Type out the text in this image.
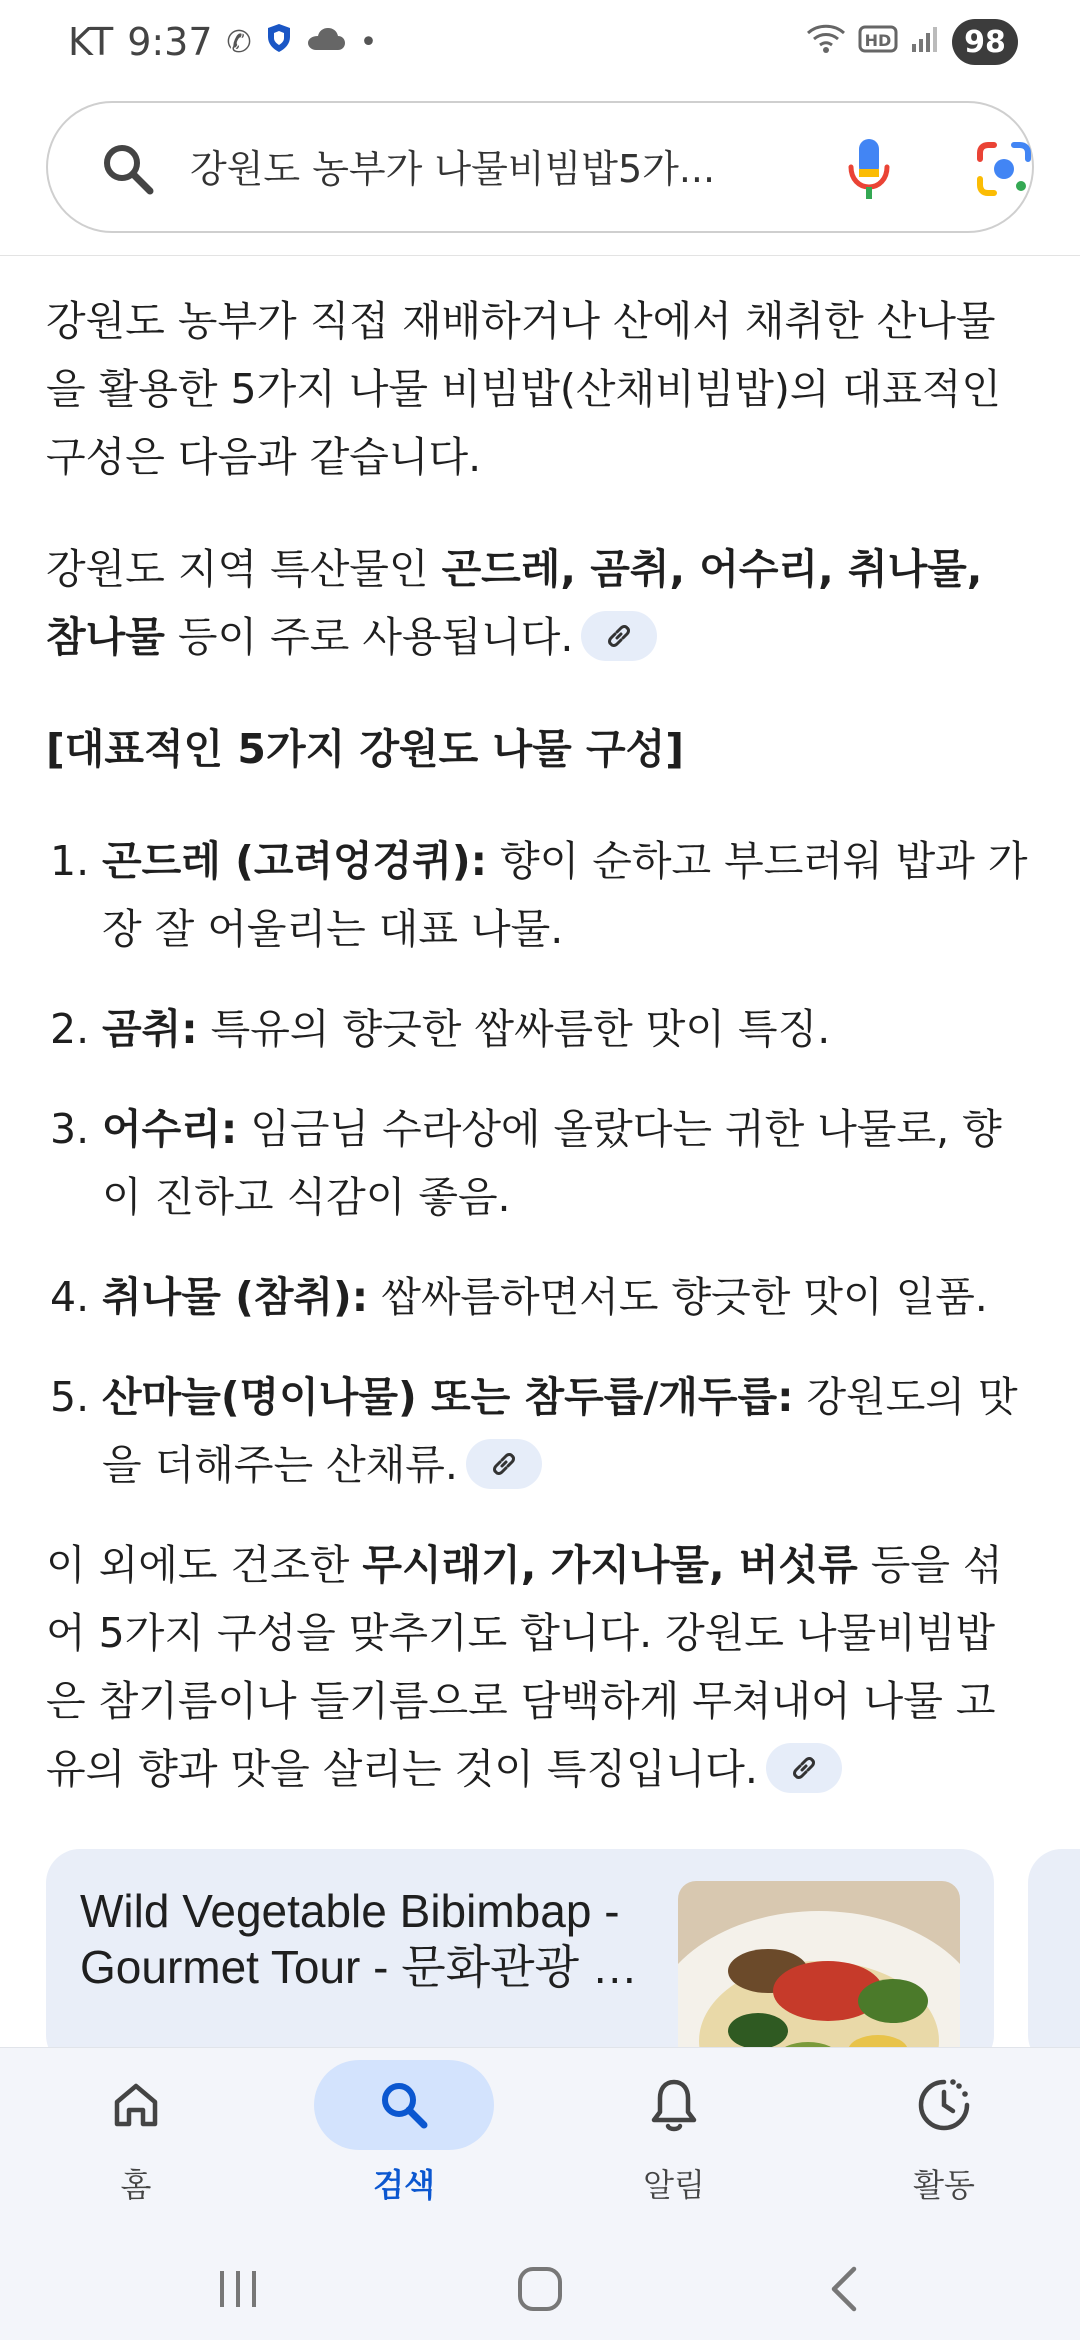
KT 9:37 ✆	•	HD	98
강원도 농부가 나물비빔밥5가...

강원도 농부가 직접 재배하거나 산에서 채취한 산나물을 활용한 5가지 나물 비빔밥(산채비빔밥)의 대표적인 구성은 다음과 같습니다.

강원도 지역 특산물인 곤드레, 곰취, 어수리, 취나물, 참나물 등이 주로 사용됩니다.

[대표적인 5가지 강원도 나물 구성]

1. 곤드레 (고려엉겅퀴): 향이 순하고 부드러워 밥과 가장 잘 어울리는 대표 나물.
2. 곰취: 특유의 향긋한 쌉싸름한 맛이 특징.
3. 어수리: 임금님 수라상에 올랐다는 귀한 나물로, 향이 진하고 식감이 좋음.
4. 취나물 (참취): 쌉싸름하면서도 향긋한 맛이 일품.
5. 산마늘(명이나물) 또는 참두릅/개두릅: 강원도의 맛을 더해주는 산채류.

이 외에도 건조한 무시래기, 가지나물, 버섯류 등을 섞어 5가지 구성을 맞추기도 합니다. 강원도 나물비빔밥은 참기름이나 들기름으로 담백하게 무쳐내어 나물 고유의 향과 맛을 살리는 것이 특징입니다.

Wild Vegetable Bibimbap - Gourmet Tour - 문화관광 …
홈	검색	알림	활동
